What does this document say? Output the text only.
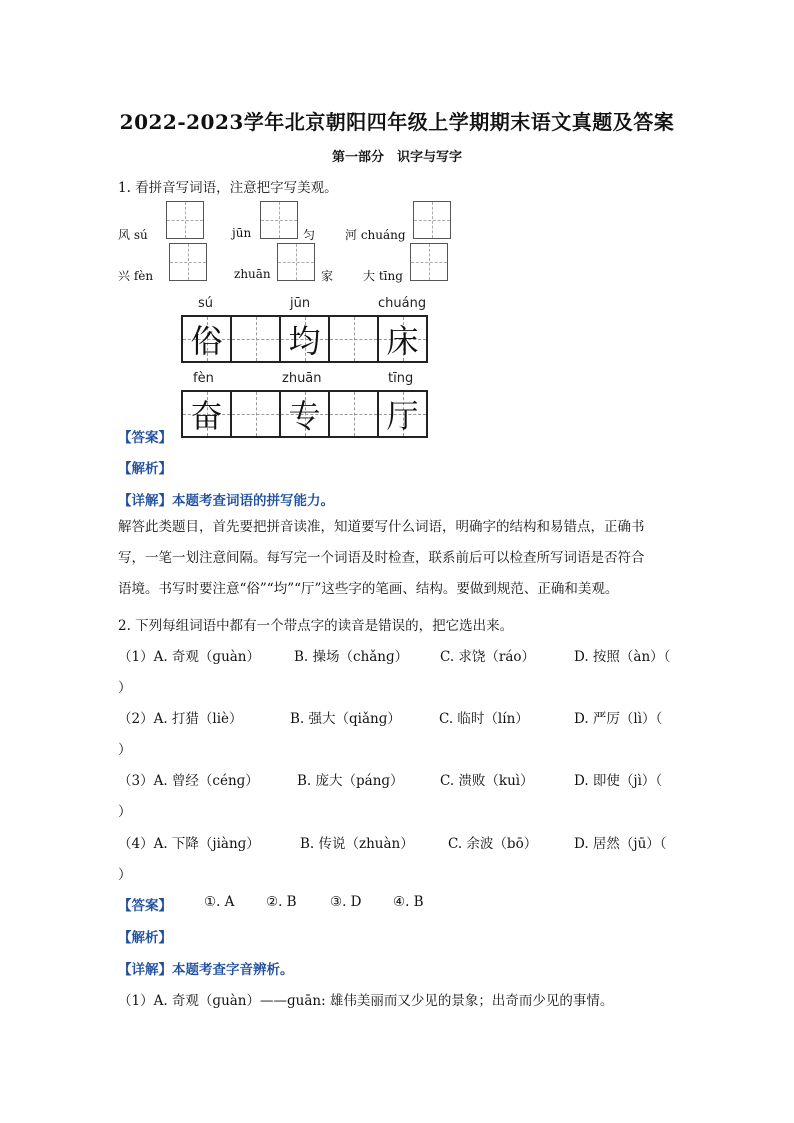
2022-2023学年北京朝阳四年级上学期期末语文真题及答案
第一部分　识字与写字
1. 看拼音写词语，注意把字写美观。
风 sú	jūn	匀 河 chuáng
兴 fèn	zhuān	家 大 tīng
sú	jūn	chuáng
俗 均 床
fèn	zhuān	tīng
奋 专 厅
【答案】
【解析】
【详解】本题考查词语的拼写能力。
解答此类题目，首先要把拼音读准，知道要写什么词语，明确字的结构和易错点，正确书
写，一笔一划注意间隔。每写完一个词语及时检查，联系前后可以检查所写词语是否符合
语境。书写时要注意“俗”“均”“厅”这些字的笔画、结构。要做到规范、正确和美观。
2. 下列每组词语中都有一个带点字的读音是错误的，把它选出来。
（1）A. 奇观（ɡuàn）	B. 操场（chǎnɡ） C. 求饶（ráo）	D. 按照（àn）（
）
（2）A. 打猎（liè）	B. 强大（qiǎnɡ）	C. 临时（lín）	D. 严厉（lì）（
）
（3）A. 曾经（cénɡ）	B. 庞大（pánɡ）	C. 溃败（kuì）	D. 即使（jì）（
）
（4）A. 下降（jiànɡ）	B. 传说（zhuàn）	C. 余波（bō）	D. 居然（jū）（
）
【答案】 ①. A ②. B ③. D ④. B
【解析】
【详解】本题考查字音辨析。
（1）A. 奇观（ɡuàn）——ɡuān: 雄伟美丽而又少见的景象；出奇而少见的事情。
